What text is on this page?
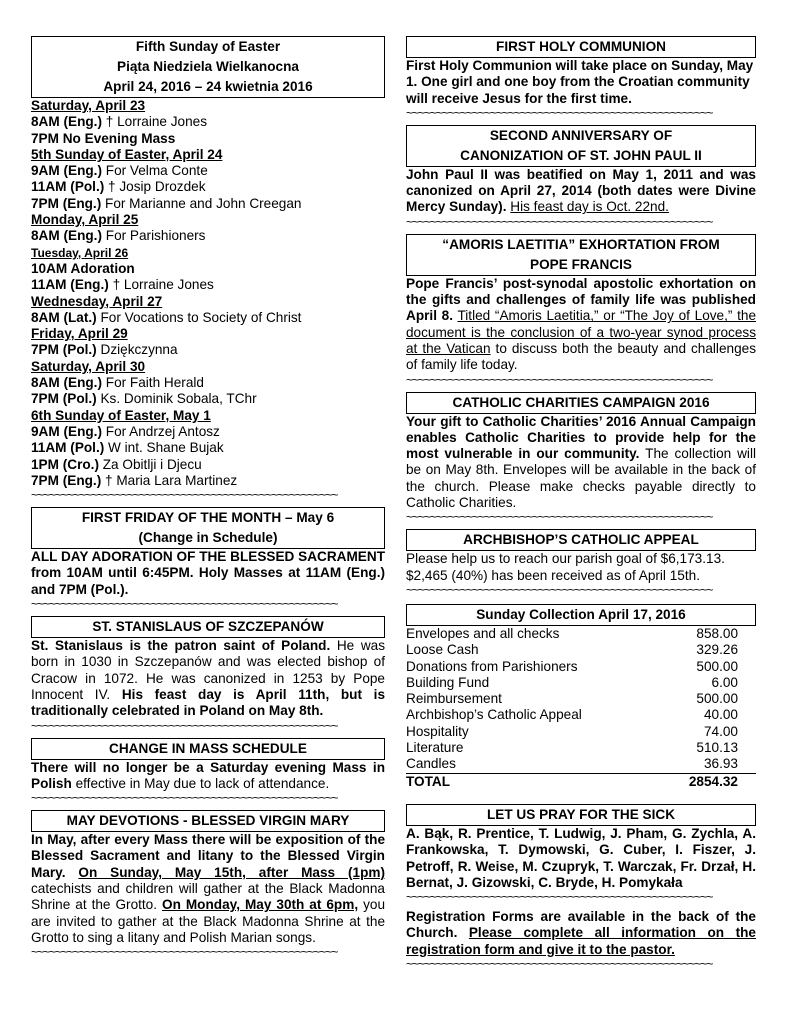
Fifth Sunday of Easter
Piąta Niedziela Wielkanocna
April 24, 2016 – 24 kwietnia 2016
Saturday, April 23
8AM (Eng.) † Lorraine Jones
7PM No Evening Mass
5th Sunday of Easter, April 24
9AM (Eng.) For Velma Conte
11AM (Pol.) † Josip Drozdek
7PM (Eng.) For Marianne and John Creegan
Monday, April 25
8AM (Eng.) For Parishioners
Tuesday, April 26
10AM Adoration
11AM (Eng.) † Lorraine Jones
Wednesday, April 27
8AM (Lat.) For Vocations to Society of Christ
Friday, April 29
7PM (Pol.) Dziękczynna
Saturday, April 30
8AM (Eng.) For Faith Herald
7PM (Pol.) Ks. Dominik Sobala, TChr
6th Sunday of Easter, May 1
9AM (Eng.) For Andrzej Antosz
11AM (Pol.) W int. Shane Bujak
1PM (Cro.) Za Obitlji i Djecu
7PM (Eng.) † Maria Lara Martinez
~~~~~~~~~~~~~~~~~~~~~~~~~~~~~~~~~~~~~~~~~~~~~~~~~~~
FIRST FRIDAY OF THE MONTH – May 6
(Change in Schedule)
ALL DAY ADORATION OF THE BLESSED SACRAMENT from 10AM until 6:45PM. Holy Masses at 11AM (Eng.) and 7PM (Pol.).
~~~~~~~~~~~~~~~~~~~~~~~~~~~~~~~~~~~~~~~~~~~~~~~~~~~
ST. STANISLAUS OF SZCZEPANÓW
St. Stanislaus is the patron saint of Poland. He was born in 1030 in Szczepanów and was elected bishop of Cracow in 1072. He was canonized in 1253 by Pope Innocent IV. His feast day is April 11th, but is traditionally celebrated in Poland on May 8th.
~~~~~~~~~~~~~~~~~~~~~~~~~~~~~~~~~~~~~~~~~~~~~~~~~~~
CHANGE IN MASS SCHEDULE
There will no longer be a Saturday evening Mass in Polish effective in May due to lack of attendance.
~~~~~~~~~~~~~~~~~~~~~~~~~~~~~~~~~~~~~~~~~~~~~~~~~~~
MAY DEVOTIONS - BLESSED VIRGIN MARY
In May, after every Mass there will be exposition of the Blessed Sacrament and litany to the Blessed Virgin Mary. On Sunday, May 15th, after Mass (1pm) catechists and children will gather at the Black Madonna Shrine at the Grotto. On Monday, May 30th at 6pm, you are invited to gather at the Black Madonna Shrine at the Grotto to sing a litany and Polish Marian songs.
~~~~~~~~~~~~~~~~~~~~~~~~~~~~~~~~~~~~~~~~~~~~~~~~~~~
FIRST HOLY COMMUNION
First Holy Communion will take place on Sunday, May 1. One girl and one boy from the Croatian community will receive Jesus for the first time.
~~~~~~~~~~~~~~~~~~~~~~~~~~~~~~~~~~~~~~~~~~~~~~~~~~~
SECOND ANNIVERSARY OF
CANONIZATION OF ST. JOHN PAUL II
John Paul II was beatified on May 1, 2011 and was canonized on April 27, 2014 (both dates were Divine Mercy Sunday). His feast day is Oct. 22nd.
~~~~~~~~~~~~~~~~~~~~~~~~~~~~~~~~~~~~~~~~~~~~~~~~~~~
“AMORIS LAETITIA” EXHORTATION FROM
POPE FRANCIS
Pope Francis’ post-synodal apostolic exhortation on the gifts and challenges of family life was published April 8. Titled “Amoris Laetitia,” or “The Joy of Love,” the document is the conclusion of a two-year synod process at the Vatican to discuss both the beauty and challenges of family life today.
~~~~~~~~~~~~~~~~~~~~~~~~~~~~~~~~~~~~~~~~~~~~~~~~~~~
CATHOLIC CHARITIES CAMPAIGN 2016
Your gift to Catholic Charities’ 2016 Annual Campaign enables Catholic Charities to provide help for the most vulnerable in our community. The collection will be on May 8th. Envelopes will be available in the back of the church. Please make checks payable directly to Catholic Charities.
~~~~~~~~~~~~~~~~~~~~~~~~~~~~~~~~~~~~~~~~~~~~~~~~~~~
ARCHBISHOP’S CATHOLIC APPEAL
Please help us to reach our parish goal of $6,173.13. $2,465 (40%) has been received as of April 15th.
~~~~~~~~~~~~~~~~~~~~~~~~~~~~~~~~~~~~~~~~~~~~~~~~~~~
Sunday Collection April 17, 2016
Envelopes and all checks	858.00
Loose Cash	329.26
Donations from Parishioners	500.00
Building Fund	6.00
Reimbursement	500.00
Archbishop’s Catholic Appeal	40.00
Hospitality	74.00
Literature	510.13
Candles	36.93
TOTAL	2854.32
LET US PRAY FOR THE SICK
A. Bąk, R. Prentice, T. Ludwig, J. Pham, G. Zychla, A. Frankowska, T. Dymowski, G. Cuber, I. Fiszer, J. Petroff, R. Weise, M. Czupryk, T. Warczak, Fr. Drzał, H. Bernat, J. Gizowski, C. Bryde, H. Pomykała
~~~~~~~~~~~~~~~~~~~~~~~~~~~~~~~~~~~~~~~~~~~~~~~~~~~
Registration Forms are available in the back of the Church. Please complete all information on the registration form and give it to the pastor.
~~~~~~~~~~~~~~~~~~~~~~~~~~~~~~~~~~~~~~~~~~~~~~~~~~~
